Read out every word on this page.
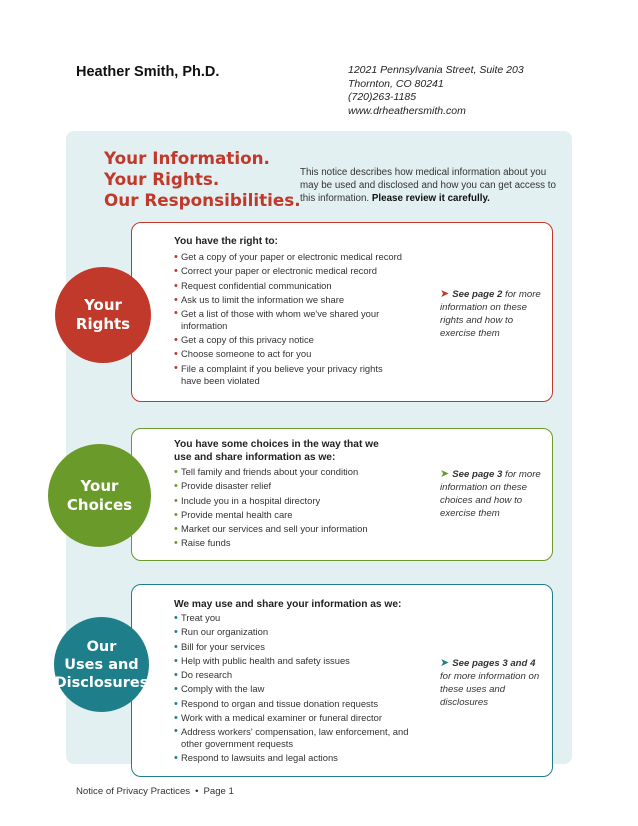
Heather Smith, Ph.D.	12021 Pennsylvania Street, Suite 203
Thornton, CO 80241
(720)263-1185
www.drheathersmith.com
Your Information.
Your Rights.
Our Responsibilities.
This notice describes how medical information about you may be used and disclosed and how you can get access to this information. Please review it carefully.
Your
Rights
You have the right to:
• Get a copy of your paper or electronic medical record
• Correct your paper or electronic medical record
• Request confidential communication
• Ask us to limit the information we share
• Get a list of those with whom we've shared your information
• Get a copy of this privacy notice
• Choose someone to act for you
• File a complaint if you believe your privacy rights have been violated
➤ See page 2 for more information on these rights and how to exercise them
Your
Choices
You have some choices in the way that we use and share information as we:
• Tell family and friends about your condition
• Provide disaster relief
• Include you in a hospital directory
• Provide mental health care
• Market our services and sell your information
• Raise funds
➤ See page 3 for more information on these choices and how to exercise them
Our
Uses and
Disclosures
We may use and share your information as we:
• Treat you
• Run our organization
• Bill for your services
• Help with public health and safety issues
• Do research
• Comply with the law
• Respond to organ and tissue donation requests
• Work with a medical examiner or funeral director
• Address workers' compensation, law enforcement, and other government requests
• Respond to lawsuits and legal actions
➤ See pages 3 and 4 for more information on these uses and disclosures
Notice of Privacy Practices • Page 1
